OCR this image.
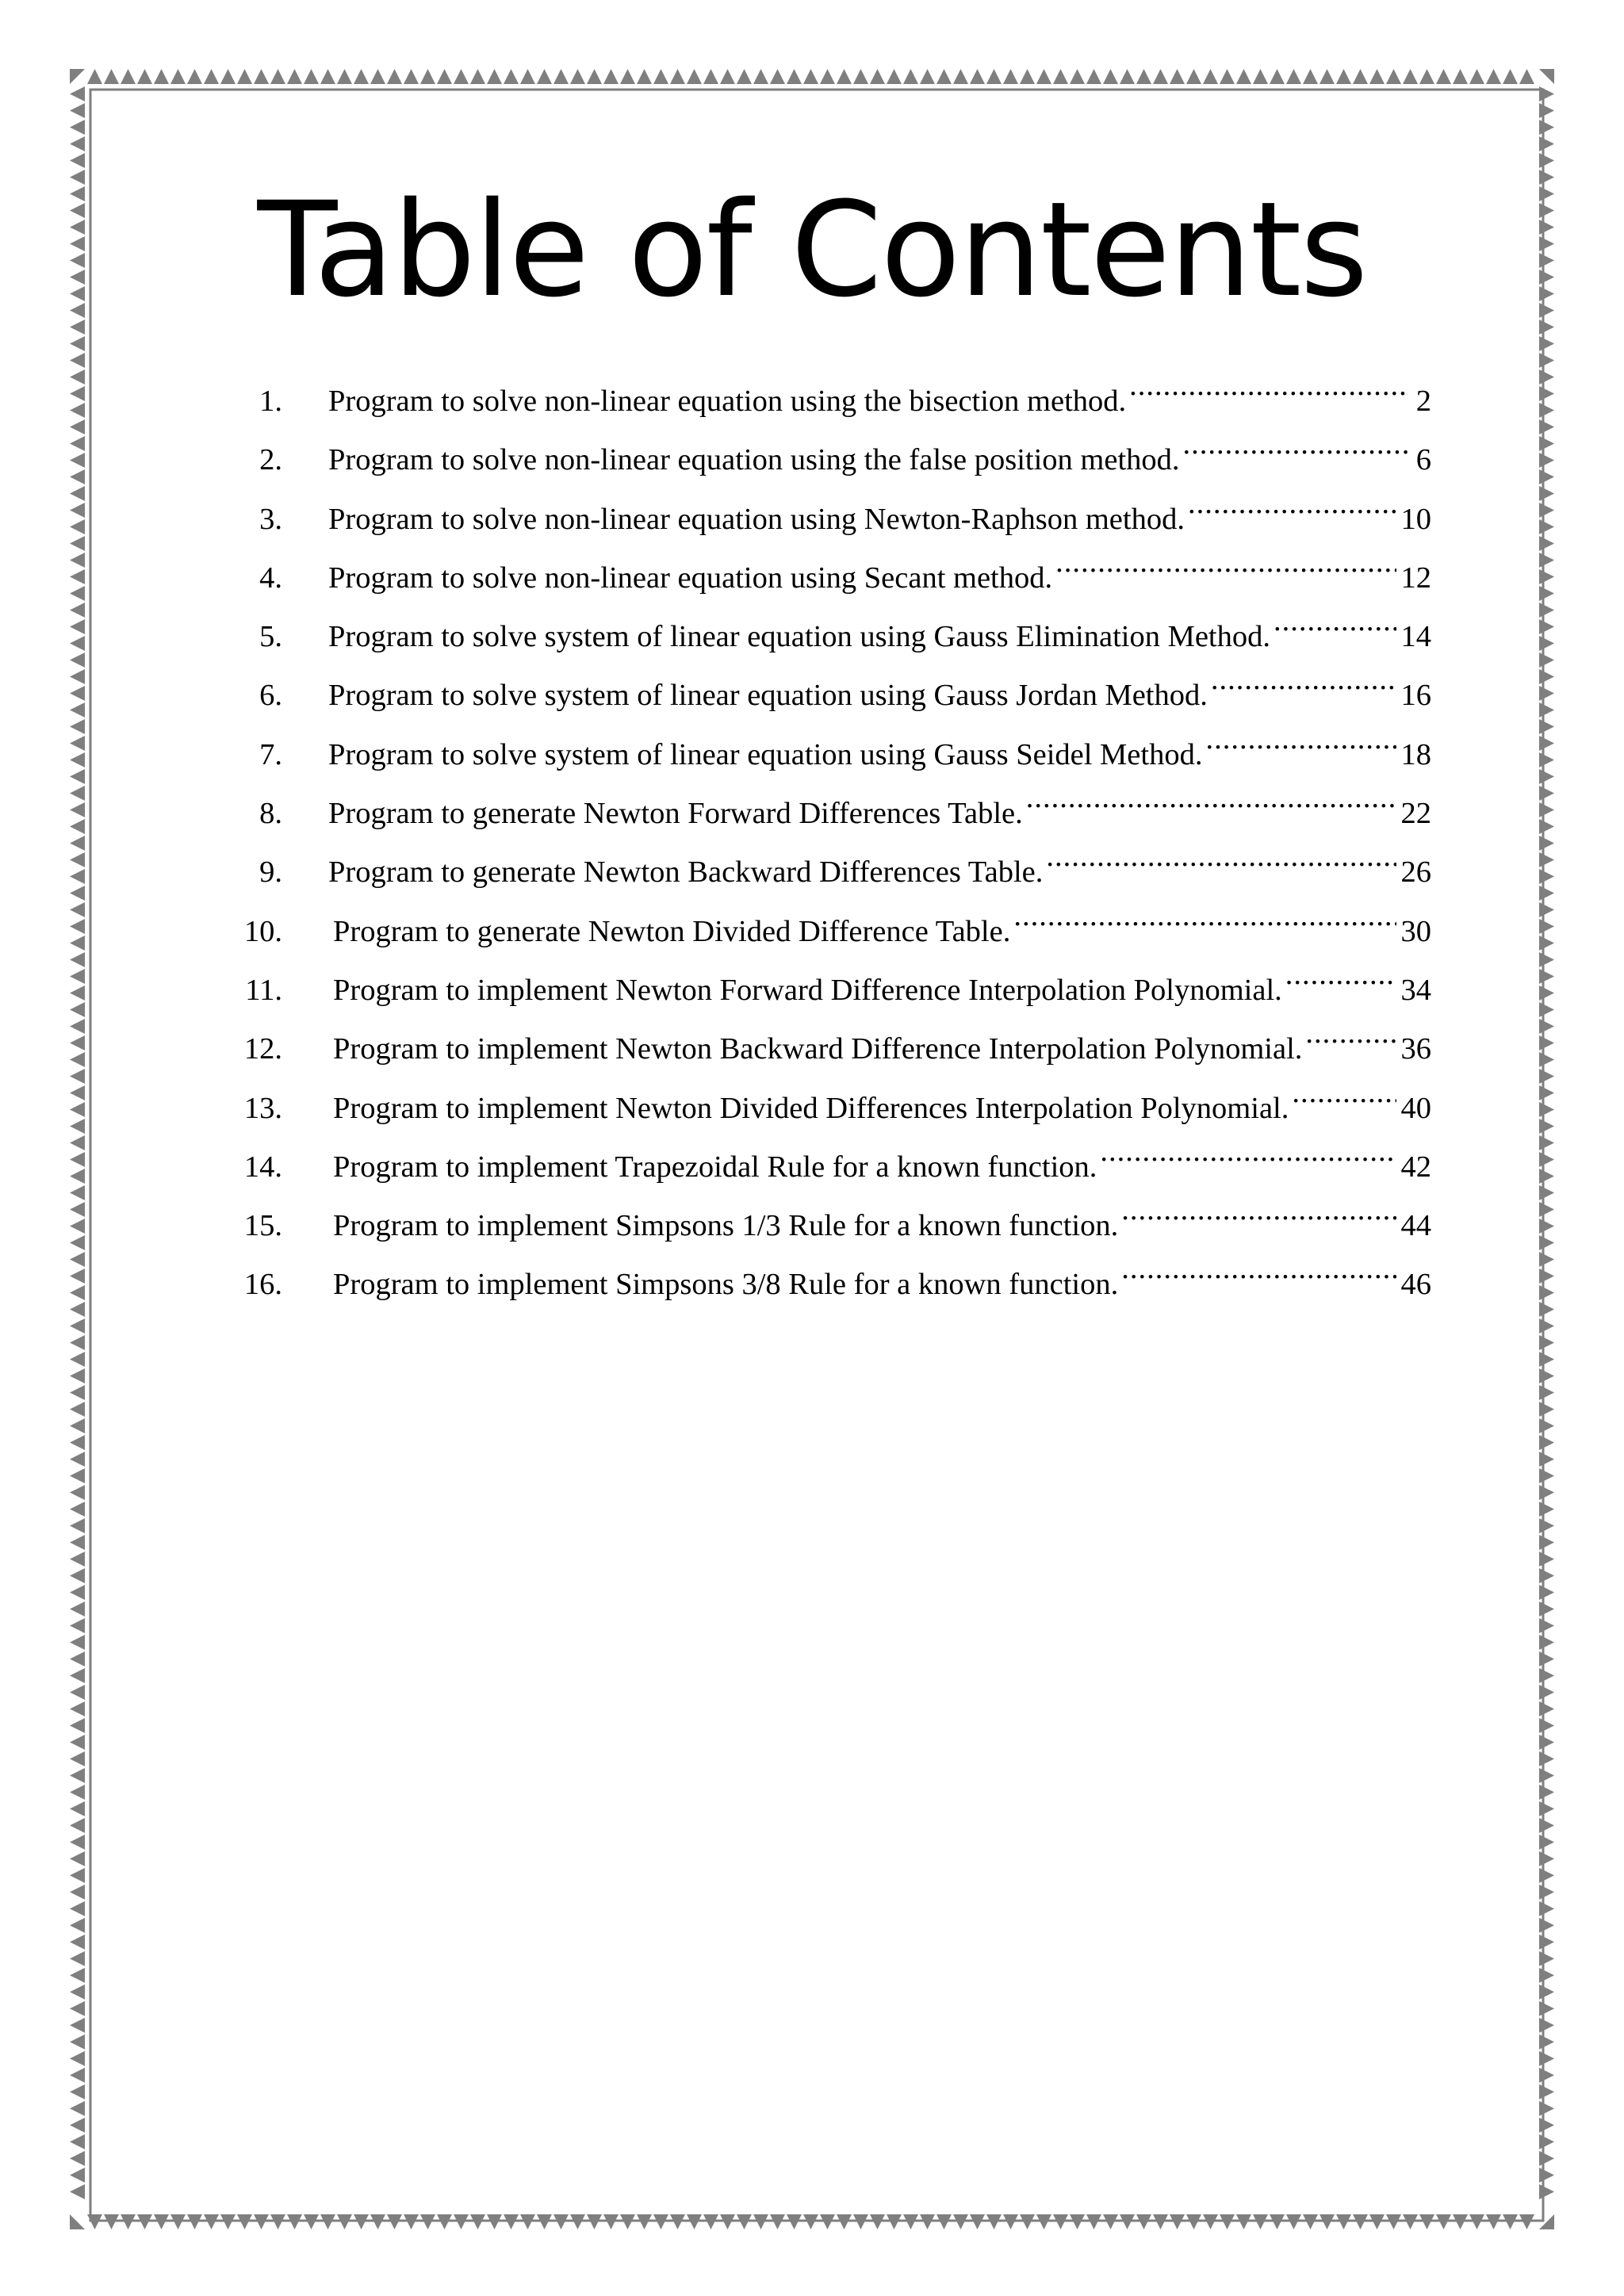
Table of Contents
1.	Program to solve non-linear equation using the bisection method. .....	2
2.	Program to solve non-linear equation using the false position method. .....	6
3.	Program to solve non-linear equation using Newton-Raphson method. .....	10
4.	Program to solve non-linear equation using Secant method. .....	12
5.	Program to solve system of linear equation using Gauss Elimination Method. .....	14
6.	Program to solve system of linear equation using Gauss Jordan Method. .....	16
7.	Program to solve system of linear equation using Gauss Seidel Method. .....	18
8.	Program to generate Newton Forward Differences Table. .....	22
9.	Program to generate Newton Backward Differences Table. .....	26
10.	Program to generate Newton Divided Difference Table. .....	30
11.	Program to implement Newton Forward Difference Interpolation Polynomial. .....	34
12.	Program to implement Newton Backward Difference Interpolation Polynomial. .....	36
13.	Program to implement Newton Divided Differences Interpolation Polynomial. .....	40
14.	Program to implement Trapezoidal Rule for a known function. .....	42
15.	Program to implement Simpsons 1/3 Rule for a known function. .....	44
16.	Program to implement Simpsons 3/8 Rule for a known function. .....	46
